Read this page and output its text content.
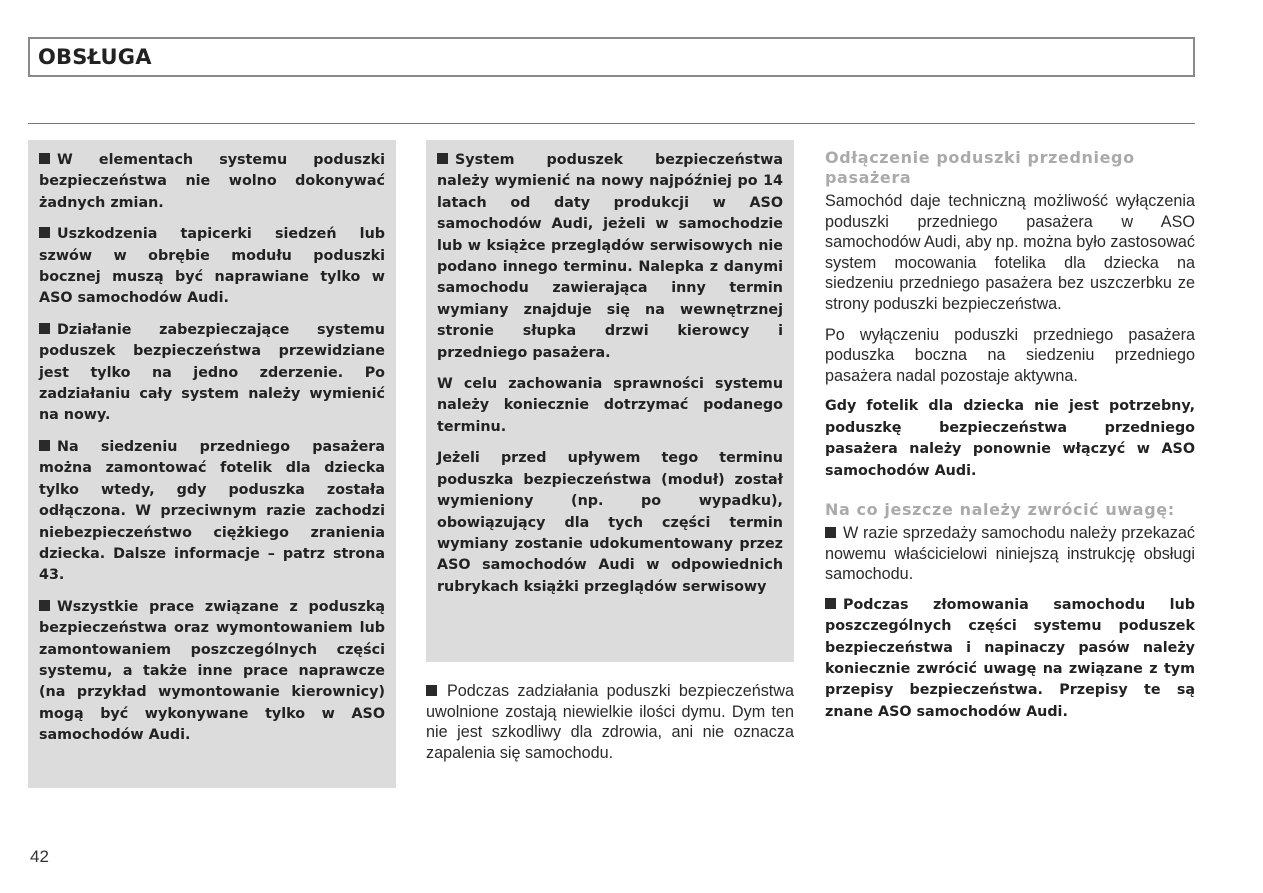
OBSŁUGA

W elementach systemu poduszki bezpieczeństwa nie wolno dokonywać żadnych zmian.

Uszkodzenia tapicerki siedzeń lub szwów w obrębie modułu poduszki bocznej muszą być naprawiane tylko w ASO samochodów Audi.

Działanie zabezpieczające systemu poduszek bezpieczeństwa przewidziane jest tylko na jedno zderzenie. Po zadziałaniu cały system należy wymienić na nowy.

Na siedzeniu przedniego pasażera można zamontować fotelik dla dziecka tylko wtedy, gdy poduszka została odłączona. W przeciwnym razie zachodzi niebezpieczeństwo ciężkiego zranienia dziecka. Dalsze informacje – patrz strona 43.

Wszystkie prace związane z poduszką bezpieczeństwa oraz wymontowaniem lub zamontowaniem poszczególnych części systemu, a także inne prace naprawcze (na przykład wymontowanie kierownicy) mogą być wykonywane tylko w ASO samochodów Audi.

System poduszek bezpieczeństwa należy wymienić na nowy najpóźniej po 14 latach od daty produkcji w ASO samochodów Audi, jeżeli w samochodzie lub w książce przeglądów serwisowych nie podano innego terminu. Nalepka z danymi samochodu zawierająca inny termin wymiany znajduje się na wewnętrznej stronie słupka drzwi kierowcy i przedniego pasażera.

W celu zachowania sprawności systemu należy koniecznie dotrzymać podanego terminu.

Jeżeli przed upływem tego terminu poduszka bezpieczeństwa (moduł) został wymieniony (np. po wypadku), obowiązujący dla tych części termin wymiany zostanie udokumentowany przez ASO samochodów Audi w odpowiednich rubrykach książki przeglądów serwisowy

Podczas zadziałania poduszki bezpieczeństwa uwolnione zostają niewielkie ilości dymu. Dym ten nie jest szkodliwy dla zdrowia, ani nie oznacza zapalenia się samochodu.

Odłączenie poduszki przedniego pasażera

Samochód daje techniczną możliwość wyłączenia poduszki przedniego pasażera w ASO samochodów Audi, aby np. można było zastosować system mocowania fotelika dla dziecka na siedzeniu przedniego pasażera bez uszczerbku ze strony poduszki bezpieczeństwa.

Po wyłączeniu poduszki przedniego pasażera poduszka boczna na siedzeniu przedniego pasażera nadal pozostaje aktywna.

Gdy fotelik dla dziecka nie jest potrzebny, poduszkę bezpieczeństwa przedniego pasażera należy ponownie włączyć w ASO samochodów Audi.

Na co jeszcze należy zwrócić uwagę:

W razie sprzedaży samochodu należy przekazać nowemu właścicielowi niniejszą instrukcję obsługi samochodu.

Podczas złomowania samochodu lub poszczególnych części systemu poduszek bezpieczeństwa i napinaczy pasów należy koniecznie zwrócić uwagę na związane z tym przepisy bezpieczeństwa. Przepisy te są znane ASO samochodów Audi.

42
